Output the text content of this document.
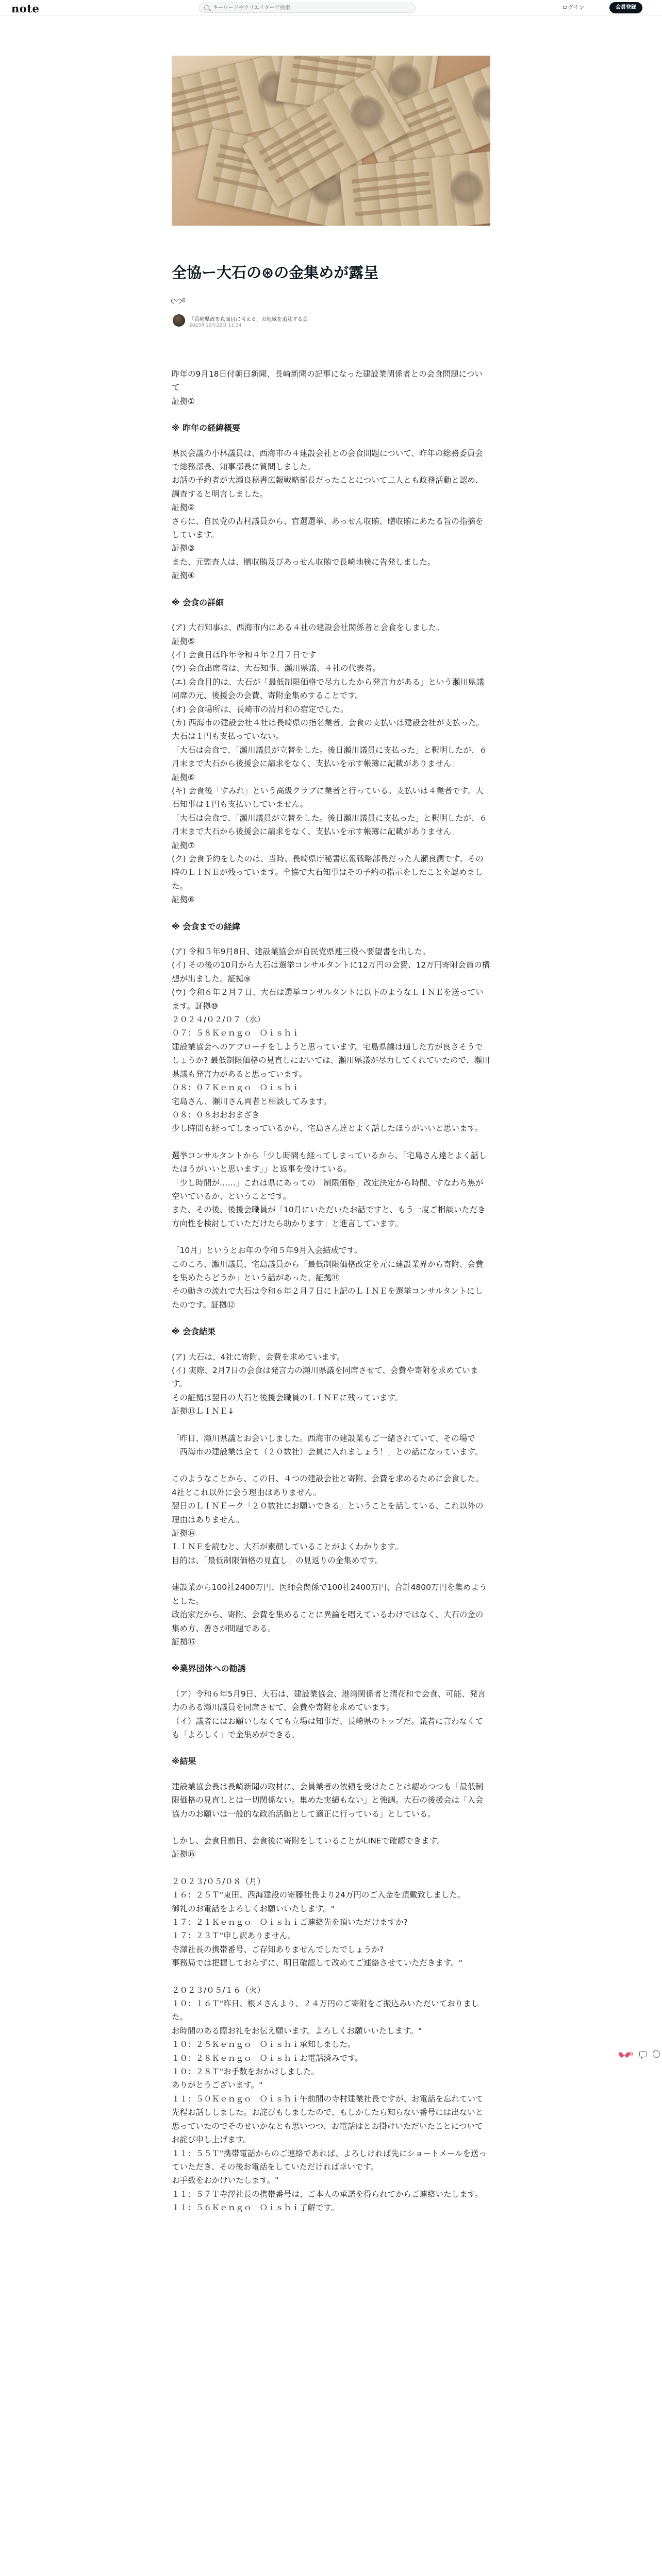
note
キーワードやクリエイターで検索	ログイン	会員登録
全協ー大石の⊛の金集めが露呈
6
「長崎県政を真面目に考える」の地域を追及する会
2023年10月22日 11:34
昨年の9月18日付朝日新聞、長崎新聞の記事になった建設業関係者との会食問題について
証拠①
※ 昨年の経緯概要
県民会議の小林議員は、西海市の４建設会社との会食問題について、昨年の総務委員会で総務部長、知事部長に質問しました。
お話の予約者が大瀬良秘書広報戦略部長だったことについて二人とも政務活動と認め、調査すると明言しました。
証拠②
さらに、自民党の古村議員から、官選選挙、あっせん収賄、贈収賄にあたる旨の指摘をしています。
証拠③
また、元監査人は、贈収賄及びあっせん収賄で長崎地検に告発しました。
証拠④
※ 会食の詳細
(ア) 大石知事は、西海市内にある４社の建設会社関係者と会食をしました。
証拠⑤
(イ) 会食日は昨年令和４年２月７日です
(ウ) 会食出席者は、大石知事、瀬川県議、４社の代表者。
(エ) 会食目的は、大石が「最低制限価格で尽力したから発言力がある」という瀬川県議同席の元、後援会の会費、寄附金集めすることです。
(オ) 会食場所は、長崎市の清月和の宿定でした。
(カ) 西海市の建設会社４社は長崎県の指名業者。会食の支払いは建設会社が支払った。大石は１円も支払っていない。
「大石は会食で、「瀬川議員が立替をした。後日瀬川議員に支払った」と釈明したが、６月末まで大石から後援会に請求をなく、支払いを示す帳簿に記載がありません」
証拠⑥
(キ) 会食後「すみれ」という高級クラブに業者と行っている。支払いは４業者です。大石知事は１円も支払いしていません。
「大石は会食で、「瀬川議員が立替をした。後日瀬川議員に支払った」と釈明したが、６月末まで大石から後援会に請求をなく、支払いを示す帳簿に記載がありません」
証拠⑦
(ク) 会食予約をしたのは、当時、長崎県庁秘書広報戦略部長だった大瀬良潤です。その時のＬＩＮＥが残っています。全協で大石知事はその予約の指示をしたことを認めました。
証拠⑧
※ 会食までの経緯
(ア) 令和５年9月8日、建設業協会が自民党県連三役へ要望書を出した。
(イ) その後の10月から大石は選挙コンサルタントに12万円の会費、12万円寄附会員の構想が出ました。証拠⑨
(ウ) 令和６年２月７日、大石は選挙コンサルタントに以下のようなＬＩＮＥを送っています。証拠⑩
２０２４/０２/０７（水）
０７：５８Ｋｅｎｇｏ　Ｏｉｓｈｉ
建設業協会へのアプローチをしようと思っています。宅島県議は通した方が良さそうでしょうか? 最低制限価格の見直しにおいては、瀬川県議が尽力してくれていたので、瀬川県議も発言力があると思っています。
０８：０７Ｋｅｎｇｏ　Ｏｉｓｈｉ
宅島さん、瀬川さん両者と相談してみます。
０８：０８おおおまざき
少し時間も経ってしまっているから、宅島さん達とよく話したほうがいいと思います。
選挙コンサルタントから「少し時間も経ってしまっているから、「宅島さん達とよく話したほうがいいと思います」」と返事を受けている。
「少し時間が……」これは県にあっての「制限価格」改定決定から時間、すなわち焦が空いているか、ということです。
また、その後、後援会職員が「10月にいただいたお話ですと、もう一度ご相談いただき方向性を検討していただけたら助かります」と進言しています。
「10月」というとお年の令和５年9月入会結成です。
このころ、瀬川議員、宅島議員から「最低制限価格改定を元に建設業界から寄附、会費を集めたらどうか」という話があった。証拠⑪
その動きの流れで大石は令和６年２月７日に上記のＬＩＮＥを選挙コンサルタントにしたのです。証拠⑫
※ 会食結果
(ア) 大石は、4社に寄附、会費を求めています。
(イ) 実際、2月7日の会食は発言力の瀬川県議を同席させて、会費や寄附を求めています。
その証拠は翌日の大石と後援会職員のＬＩＮＥに残っています。
証拠⑬ＬＩＮＥ↓
「昨日、瀬川県議とお会いしました。西海市の建設業もご一緒されていて、その場で「西海市の建設業は全て（２０数社）会員に入れましょう！」との話になっています。
このようなことから、この日、４つの建設会社と寄附、会費を求めるために会食した。
4社とこれ以外に会う理由はありません。
翌日のＬＩＮＥーク「２０数社にお願いできる」ということを話している、これ以外の理由はありません。
証拠⑭
ＬＩＮＥを読むと、大石が素顔していることがよくわかります。
目的は、「最低制限価格の見直し」の見返りの金集めです。
建設業から100社2400万円、医師会関係で100社2400万円、合計4800万円を集めようとした。
政治家だから、寄附、会費を集めることに異論を唱えているわけではなく、大石の金の集め方、善さが問題である。
証拠⑮
※業界団体への勧誘
（ア）令和６年5月9日、大石は、建設業協会、港湾関係者と清花和で会食、可能、発言力のある瀬川議員を同席させて、会費や寄附を求めています。
（イ）議者にはお願いしなくても立場は知事だ、長崎県のトップだ。議者に言わなくても「よろしく」で金集めができる。
※結果
建設業協会長は長崎新聞の取材に、会員業者の依頼を受けたことは認めつつも「最低制限価格の見直しとは一切関係ない。集めた実績もない」と強調。大石の後援会は「入会協力のお願いは一般的な政治活動として適正に行っている」としている。
しかし、会食日前日、会食後に寄附をしていることがLINEで確認できます。
証拠⑯
２０２３/０５/０８（月）
１６：２５Ｔ"東田、西海建設の寄藤社長より24万円のご入金を頂戴致しました。
御礼のお電話をよろしくお願いいたします。"
１７：２１Ｋｅｎｇｏ　Ｏｉｓｈｉご連絡先を頂いただけますか?
１７：２３Ｔ"申し訳ありません。
寺澤社長の携帯番号、ご存知ありませんでしたでしょうか?
事務局では把握しておらずに、明日確認して改めてご連絡させていただきます。"
２０２３/０５/１６（火）
１０：１６Ｔ"昨日、根メさんより、２４万円のご寄附をご振込みいただいておりました。
お時間のある際お礼をお伝え願います。よろしくお願いいたします。"
１０：２５Ｋｅｎｇｏ　Ｏｉｓｈｉ承知しました。
１０：２８Ｋｅｎｇｏ　Ｏｉｓｈｉお電話済みです。
１０：２８Ｔ"お手数をおかけしました。
ありがとうございます。"
１１：５０Ｋｅｎｇｏ　Ｏｉｓｈｉ午前間の寺村建業社長ですが、お電話を忘れていて先程お話ししました。お詫びもしましたので、もしかしたら知らない番号には出ないと思っていたのでそのせいかなとも思いつつ、お電話はとお掛けいただいたことについてお詫び申し上げます。
１１：５５Ｔ"携帯電話からのご連絡であれば、よろしければ先にショートメールを送っていただき、その後お電話をしていただければ幸いです。
お手数をおかけいたします。"
１１：５７Ｔ寺澤社長の携帯番号は、ご本人の承諾を得られてからご連絡いたします。
１１：５６Ｋｅｎｇｏ　Ｏｉｓｈｉ了解です。
9
⋯
